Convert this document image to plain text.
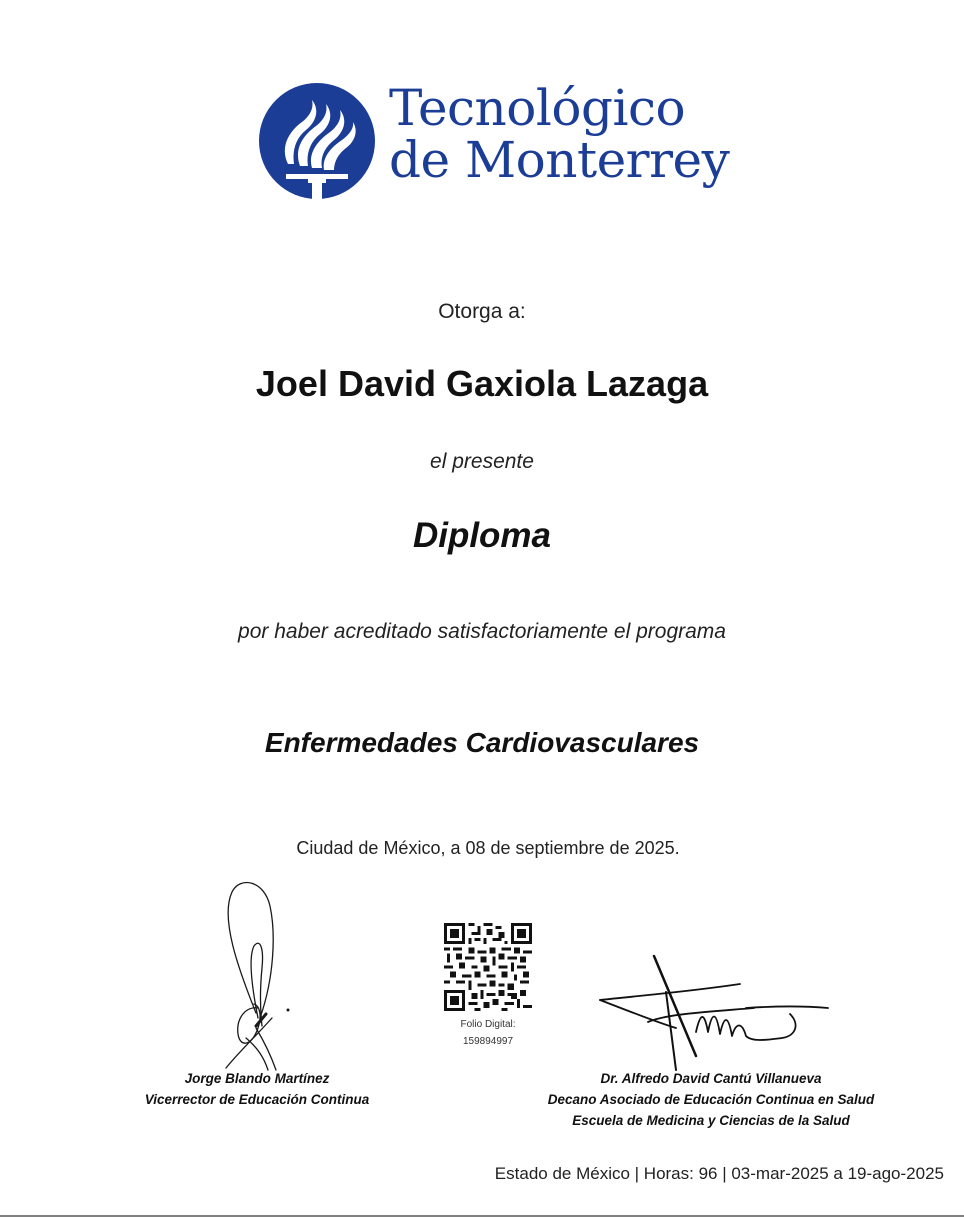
Tecnológico
de Monterrey
Otorga a:
Joel David Gaxiola Lazaga
el presente
Diploma
por haber acreditado satisfactoriamente el programa
Enfermedades Cardiovasculares
Ciudad de México, a 08 de septiembre de 2025.
Jorge Blando Martínez
Vicerrector de Educación Continua
Dr. Alfredo David Cantú Villanueva
Decano Asociado de Educación Continua en Salud
Escuela de Medicina y Ciencias de la Salud
Folio Digital:
159894997
Estado de México | Horas: 96 | 03-mar-2025 a 19-ago-2025
